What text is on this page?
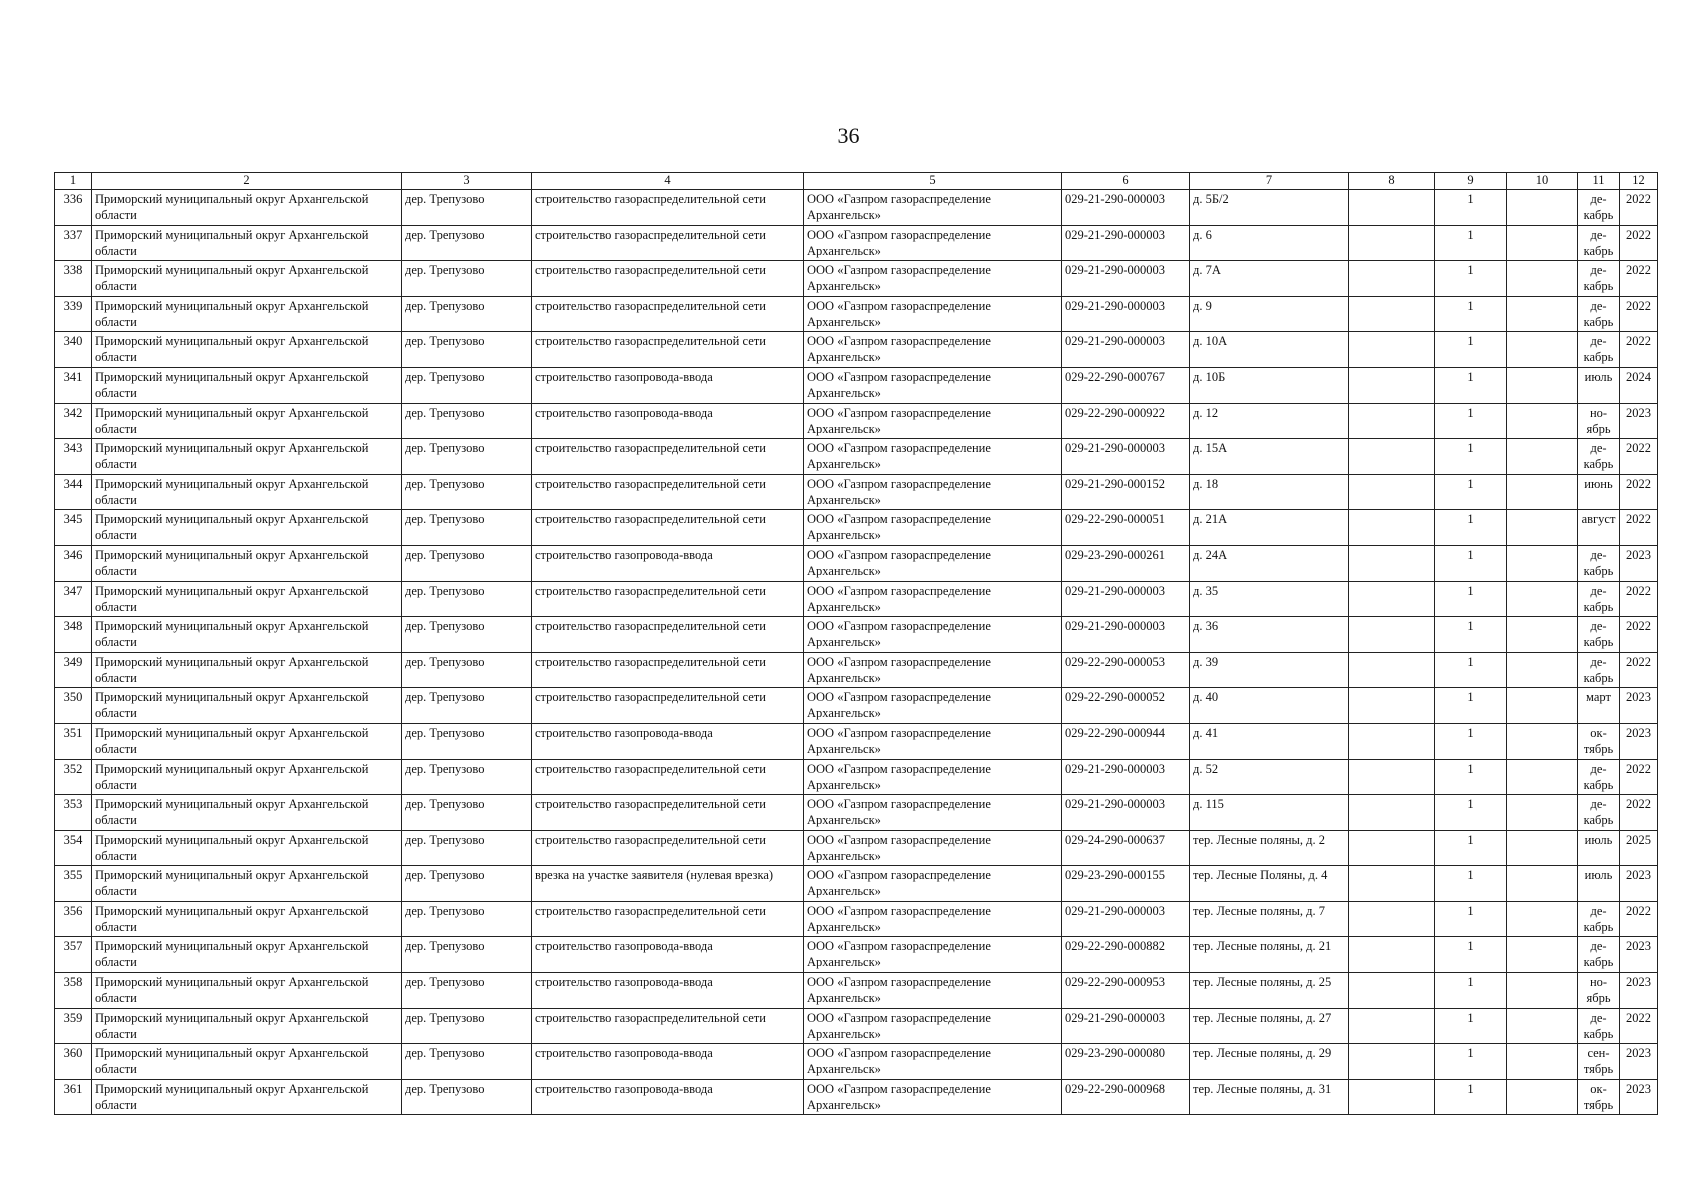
36
1	2	3	4	5	6	7	8	9	10	11	12
336	Приморский муниципальный округ Архангельской области	дер. Трепузово	строительство газораспределительной сети	ООО «Газпром газораспределение Архангельск»	029-21-290-000003	д. 5Б/2		1		де-кабрь	2022
337	Приморский муниципальный округ Архангельской области	дер. Трепузово	строительство газораспределительной сети	ООО «Газпром газораспределение Архангельск»	029-21-290-000003	д. 6		1		де-кабрь	2022
338	Приморский муниципальный округ Архангельской области	дер. Трепузово	строительство газораспределительной сети	ООО «Газпром газораспределение Архангельск»	029-21-290-000003	д. 7А		1		де-кабрь	2022
339	Приморский муниципальный округ Архангельской области	дер. Трепузово	строительство газораспределительной сети	ООО «Газпром газораспределение Архангельск»	029-21-290-000003	д. 9		1		де-кабрь	2022
340	Приморский муниципальный округ Архангельской области	дер. Трепузово	строительство газораспределительной сети	ООО «Газпром газораспределение Архангельск»	029-21-290-000003	д. 10А		1		де-кабрь	2022
341	Приморский муниципальный округ Архангельской области	дер. Трепузово	строительство газопровода-ввода	ООО «Газпром газораспределение Архангельск»	029-22-290-000767	д. 10Б		1		июль	2024
342	Приморский муниципальный округ Архангельской области	дер. Трепузово	строительство газопровода-ввода	ООО «Газпром газораспределение Архангельск»	029-22-290-000922	д. 12		1		но-ябрь	2023
343	Приморский муниципальный округ Архангельской области	дер. Трепузово	строительство газораспределительной сети	ООО «Газпром газораспределение Архангельск»	029-21-290-000003	д. 15А		1		де-кабрь	2022
344	Приморский муниципальный округ Архангельской области	дер. Трепузово	строительство газораспределительной сети	ООО «Газпром газораспределение Архангельск»	029-21-290-000152	д. 18		1		июнь	2022
345	Приморский муниципальный округ Архангельской области	дер. Трепузово	строительство газораспределительной сети	ООО «Газпром газораспределение Архангельск»	029-22-290-000051	д. 21А		1		август	2022
346	Приморский муниципальный округ Архангельской области	дер. Трепузово	строительство газопровода-ввода	ООО «Газпром газораспределение Архангельск»	029-23-290-000261	д. 24А		1		де-кабрь	2023
347	Приморский муниципальный округ Архангельской области	дер. Трепузово	строительство газораспределительной сети	ООО «Газпром газораспределение Архангельск»	029-21-290-000003	д. 35		1		де-кабрь	2022
348	Приморский муниципальный округ Архангельской области	дер. Трепузово	строительство газораспределительной сети	ООО «Газпром газораспределение Архангельск»	029-21-290-000003	д. 36		1		де-кабрь	2022
349	Приморский муниципальный округ Архангельской области	дер. Трепузово	строительство газораспределительной сети	ООО «Газпром газораспределение Архангельск»	029-22-290-000053	д. 39		1		де-кабрь	2022
350	Приморский муниципальный округ Архангельской области	дер. Трепузово	строительство газораспределительной сети	ООО «Газпром газораспределение Архангельск»	029-22-290-000052	д. 40		1		март	2023
351	Приморский муниципальный округ Архангельской области	дер. Трепузово	строительство газопровода-ввода	ООО «Газпром газораспределение Архангельск»	029-22-290-000944	д. 41		1		ок-тябрь	2023
352	Приморский муниципальный округ Архангельской области	дер. Трепузово	строительство газораспределительной сети	ООО «Газпром газораспределение Архангельск»	029-21-290-000003	д. 52		1		де-кабрь	2022
353	Приморский муниципальный округ Архангельской области	дер. Трепузово	строительство газораспределительной сети	ООО «Газпром газораспределение Архангельск»	029-21-290-000003	д. 115		1		де-кабрь	2022
354	Приморский муниципальный округ Архангельской области	дер. Трепузово	строительство газораспределительной сети	ООО «Газпром газораспределение Архангельск»	029-24-290-000637	тер. Лесные поляны, д. 2		1		июль	2025
355	Приморский муниципальный округ Архангельской области	дер. Трепузово	врезка на участке заявителя (нулевая врезка)	ООО «Газпром газораспределение Архангельск»	029-23-290-000155	тер. Лесные Поляны, д. 4		1		июль	2023
356	Приморский муниципальный округ Архангельской области	дер. Трепузово	строительство газораспределительной сети	ООО «Газпром газораспределение Архангельск»	029-21-290-000003	тер. Лесные поляны, д. 7		1		де-кабрь	2022
357	Приморский муниципальный округ Архангельской области	дер. Трепузово	строительство газопровода-ввода	ООО «Газпром газораспределение Архангельск»	029-22-290-000882	тер. Лесные поляны, д. 21		1		де-кабрь	2023
358	Приморский муниципальный округ Архангельской области	дер. Трепузово	строительство газопровода-ввода	ООО «Газпром газораспределение Архангельск»	029-22-290-000953	тер. Лесные поляны, д. 25		1		но-ябрь	2023
359	Приморский муниципальный округ Архангельской области	дер. Трепузово	строительство газораспределительной сети	ООО «Газпром газораспределение Архангельск»	029-21-290-000003	тер. Лесные поляны, д. 27		1		де-кабрь	2022
360	Приморский муниципальный округ Архангельской области	дер. Трепузово	строительство газопровода-ввода	ООО «Газпром газораспределение Архангельск»	029-23-290-000080	тер. Лесные поляны, д. 29		1		сен-тябрь	2023
361	Приморский муниципальный округ Архангельской области	дер. Трепузово	строительство газопровода-ввода	ООО «Газпром газораспределение Архангельск»	029-22-290-000968	тер. Лесные поляны, д. 31		1		ок-тябрь	2023
